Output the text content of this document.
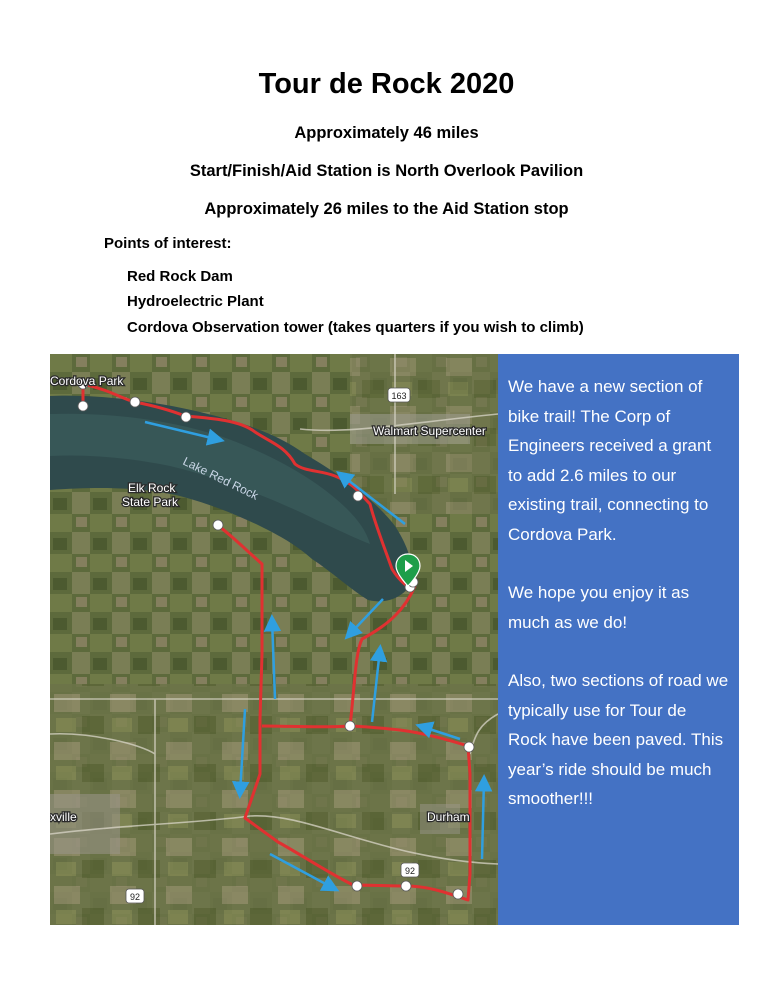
Tour de Rock 2020
Approximately 46 miles
Start/Finish/Aid Station is North Overlook Pavilion
Approximately 26 miles to the Aid Station stop
Points of interest:
Red Rock Dam
Hydroelectric Plant
Cordova Observation tower (takes quarters if you wish to climb)
163
92
92
Cordova Park
Walmart Supercenter
Lake Red Rock
Elk Rock
State Park
xville	Durham

We have a new section of bike trail! The Corp of Engineers received a grant to add 2.6 miles to our existing trail, connecting to Cordova Park.

We hope you enjoy it as much as we do!

Also, two sections of road we typically use for Tour de Rock have been paved. This year’s ride should be much smoother!!!
